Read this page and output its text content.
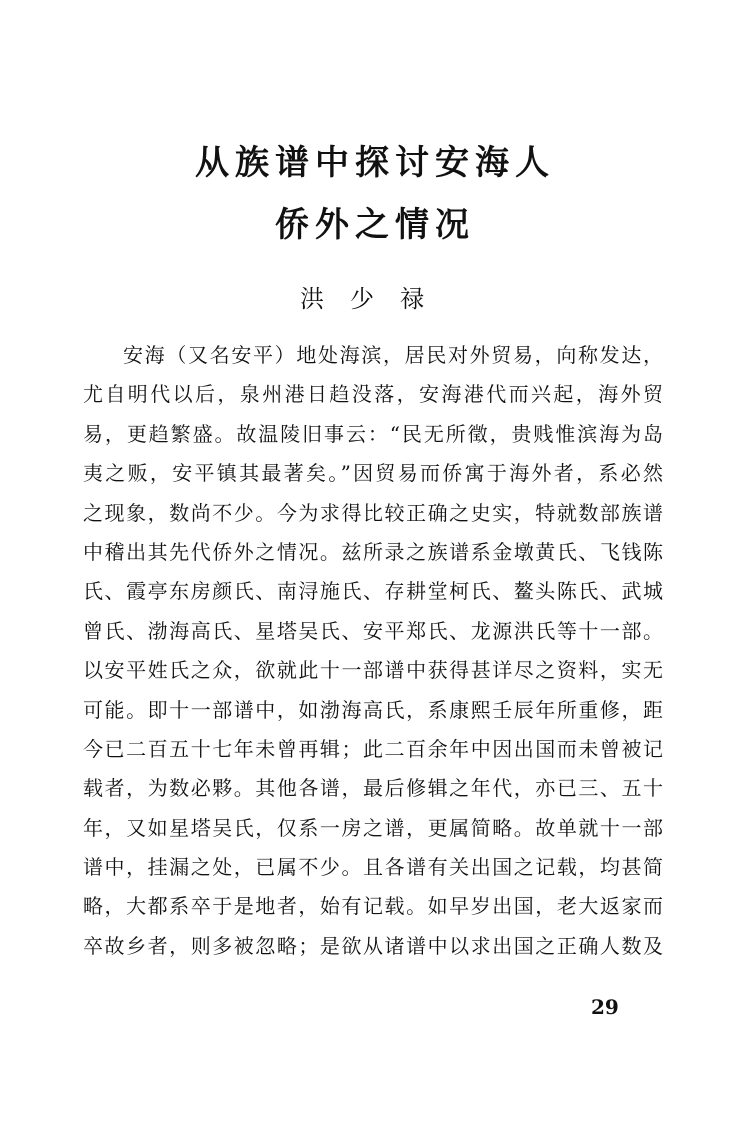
从族谱中探讨安海人
侨外之情况
洪少禄
安海（又名安平）地处海滨，居民对外贸易，向称发达，
尤自明代以后，泉州港日趋没落，安海港代而兴起，海外贸
易，更趋繁盛。故温陵旧事云：“民无所徵，贵贱惟滨海为岛
夷之贩，安平镇其最著矣。”因贸易而侨寓于海外者，系必然
之现象，数尚不少。今为求得比较正确之史实，特就数部族谱
中稽出其先代侨外之情况。兹所录之族谱系金墩黄氏、飞钱陈
氏、霞亭东房颜氏、南浔施氏、存耕堂柯氏、鳌头陈氏、武城
曾氏、渤海高氏、星塔吴氏、安平郑氏、龙源洪氏等十一部。
以安平姓氏之众，欲就此十一部谱中获得甚详尽之资料，实无
可能。即十一部谱中，如渤海高氏，系康熙壬辰年所重修，距
今已二百五十七年未曾再辑；此二百余年中因出国而未曾被记
载者，为数必夥。其他各谱，最后修辑之年代，亦已三、五十
年，又如星塔吴氏，仅系一房之谱，更属简略。故单就十一部
谱中，挂漏之处，已属不少。且各谱有关出国之记载，均甚简
略，大都系卒于是地者，始有记载。如早岁出国，老大返家而
卒故乡者，则多被忽略；是欲从诸谱中以求出国之正确人数及
29
